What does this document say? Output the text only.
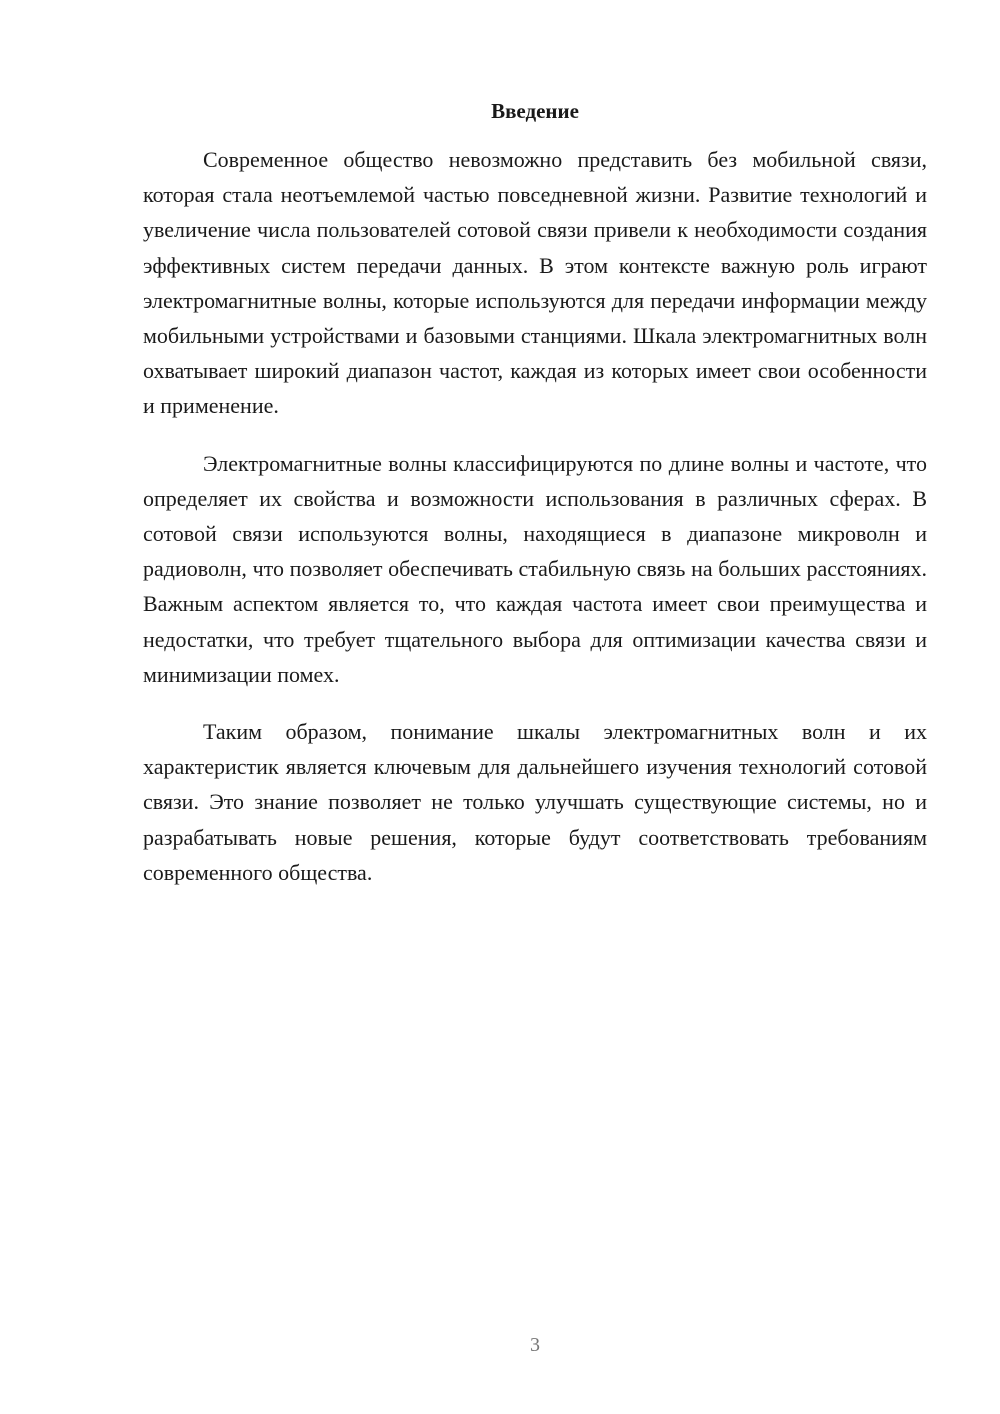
Введение

Современное общество невозможно представить без мобильной связи, которая стала неотъемлемой частью повседневной жизни. Развитие технологий и увеличение числа пользователей сотовой связи привели к необходимости создания эффективных систем передачи данных. В этом контексте важную роль играют электромагнитные волны, которые используются для передачи информации между мобильными устройствами и базовыми станциями. Шкала электромагнитных волн охватывает широкий диапазон частот, каждая из которых имеет свои особенности и применение.

Электромагнитные волны классифицируются по длине волны и частоте, что определяет их свойства и возможности использования в различных сферах. В сотовой связи используются волны, находящиеся в диапазоне микроволн и радиоволн, что позволяет обеспечивать стабильную связь на больших расстояниях. Важным аспектом является то, что каждая частота имеет свои преимущества и недостатки, что требует тщательного выбора для оптимизации качества связи и минимизации помех.

Таким образом, понимание шкалы электромагнитных волн и их характеристик является ключевым для дальнейшего изучения технологий сотовой связи. Это знание позволяет не только улучшать существующие системы, но и разрабатывать новые решения, которые будут соответствовать требованиям современного общества.

3
